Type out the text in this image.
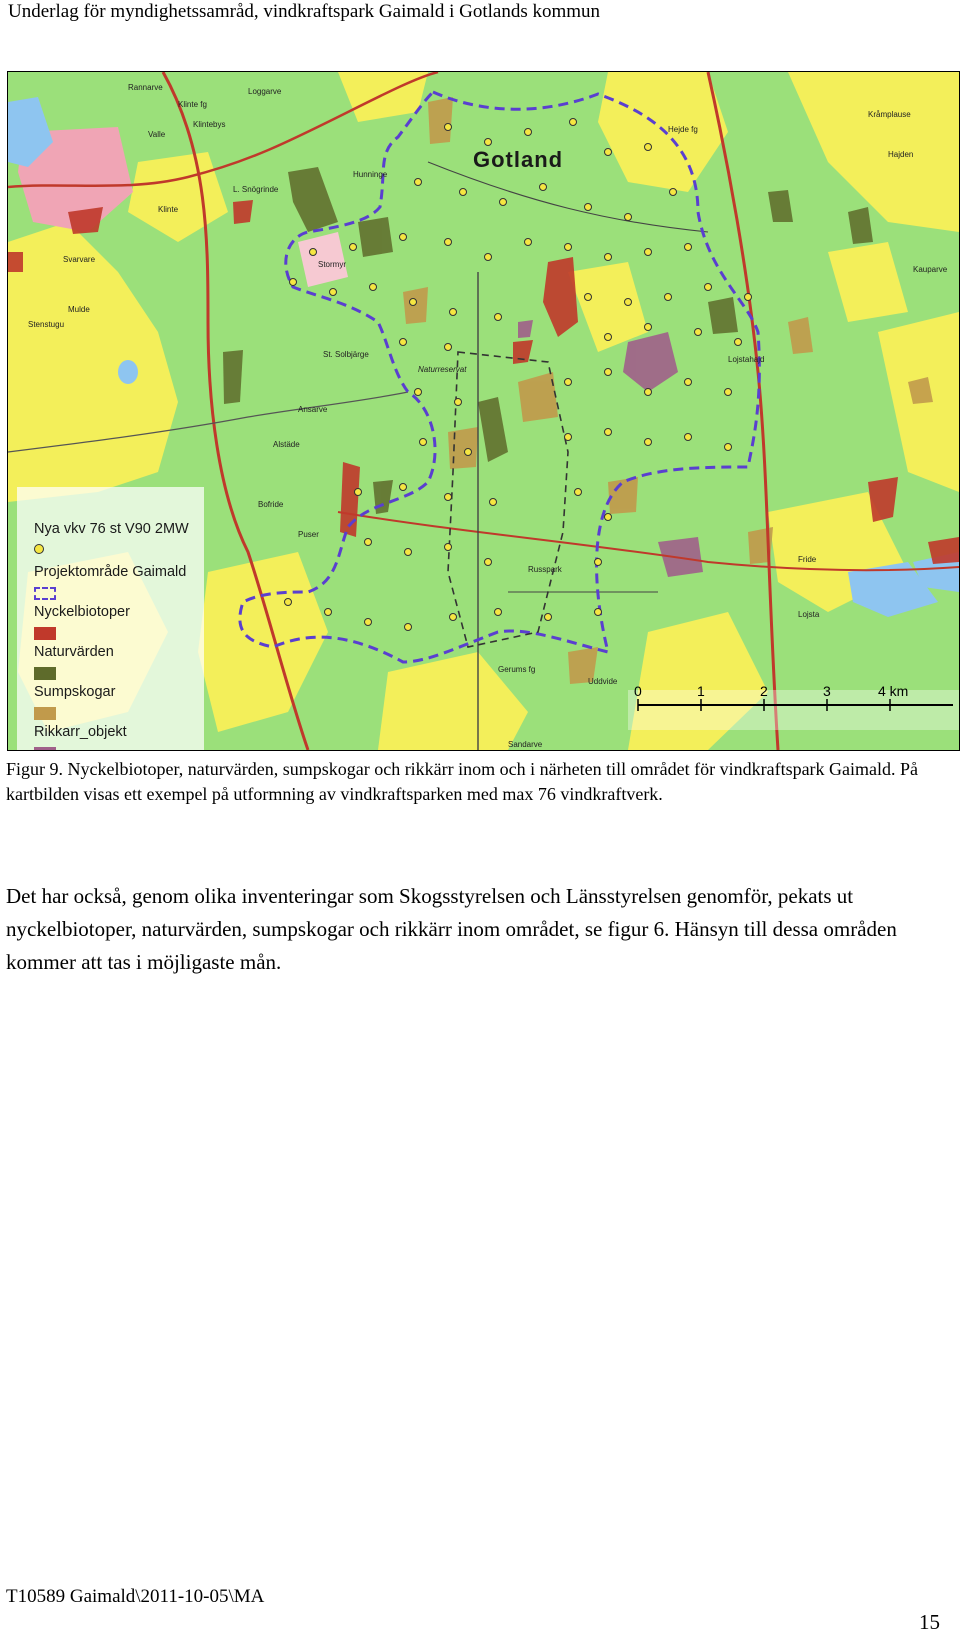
Underlag för myndighetssamråd, vindkraftspark Gaimald i Gotlands kommun
Gotland
Rannarve	Loggarve
Klinte fg
Klintebys
Valle
Hunninge
L. Snögrinde
Klinte
Svarvare
Stenstugu
Mulde
Stormyr
St. Solbjärge
Naturreservat
Ansarve
Alstäde
Bofride
Puser
Russpark
Gerums fg
Lojsta
Fride
Hejde fg
Kråmplause
Hajden
Kauparve
Lojstahajd
Uddvide
Sandarve
0	1	2	3	4 km
Nya vkv 76 st V90 2MW
Projektområde Gaimald
Nyckelbiotoper
Naturvärden
Sumpskogar
Rikkarr_objekt
Figur 9. Nyckelbiotoper, naturvärden, sumpskogar och rikkärr inom och i närheten till området för vindkraftspark Gaimald. På kartbilden visas ett exempel på utformning av vindkraftsparken med max 76 vindkraftverk.
Det har också, genom olika inventeringar som Skogsstyrelsen och Länsstyrelsen genomför, pekats ut nyckelbiotoper, naturvärden, sumpskogar och rikkärr inom området, se figur 6. Hänsyn till dessa områden kommer att tas i möjligaste mån.
T10589 Gaimald\2011-10-05\MA
15
